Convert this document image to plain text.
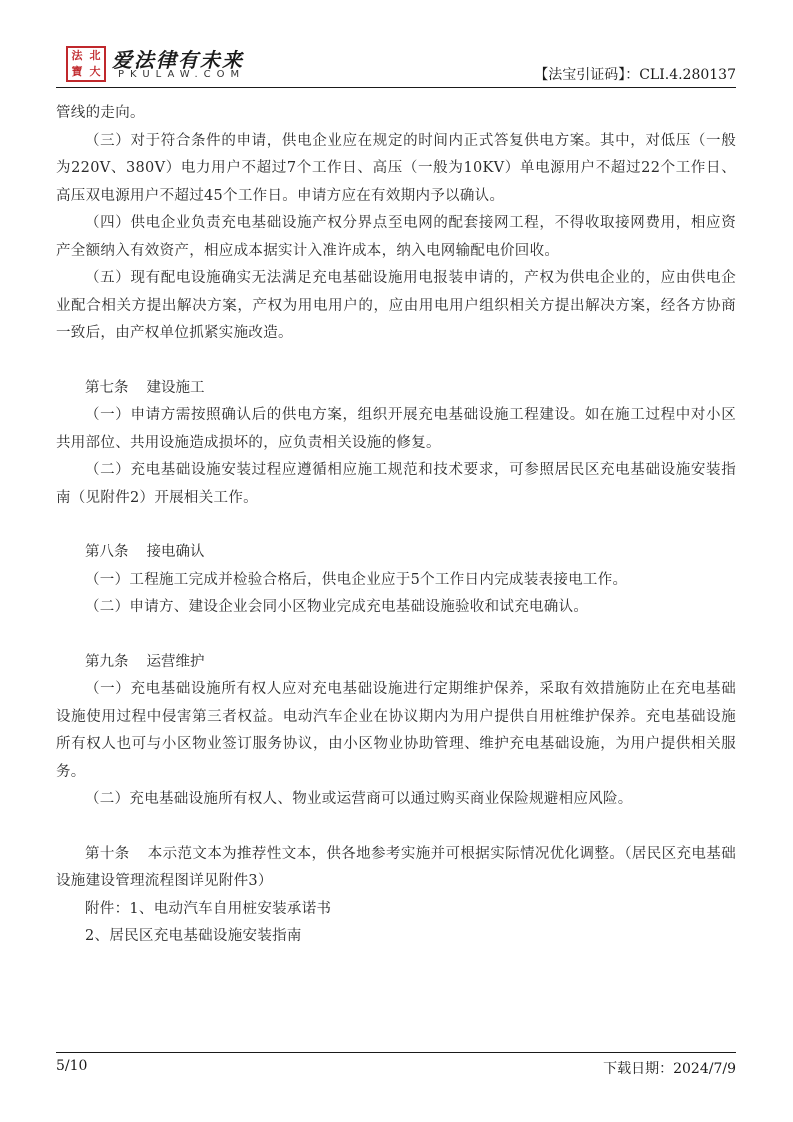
法 北
寶 大 爱法律有未来
PKULAW.COM	【法宝引证码】：CLI.4.280137

管线的走向。

（三）对于符合条件的申请，供电企业应在规定的时间内正式答复供电方案。其中，对低压（一般为220V、380V）电力用户不超过7个工作日、高压（一般为10KV）单电源用户不超过22个工作日、高压双电源用户不超过45个工作日。申请方应在有效期内予以确认。

（四）供电企业负责充电基础设施产权分界点至电网的配套接网工程，不得收取接网费用，相应资产全额纳入有效资产，相应成本据实计入准许成本，纳入电网输配电价回收。

（五）现有配电设施确实无法满足充电基础设施用电报装申请的，产权为供电企业的，应由供电企业配合相关方提出解决方案，产权为用电用户的，应由用电用户组织相关方提出解决方案，经各方协商一致后，由产权单位抓紧实施改造。

第七条 建设施工

（一）申请方需按照确认后的供电方案，组织开展充电基础设施工程建设。如在施工过程中对小区共用部位、共用设施造成损坏的，应负责相关设施的修复。

（二）充电基础设施安装过程应遵循相应施工规范和技术要求，可参照居民区充电基础设施安装指南（见附件2）开展相关工作。

第八条 接电确认

（一）工程施工完成并检验合格后，供电企业应于5个工作日内完成装表接电工作。

（二）申请方、建设企业会同小区物业完成充电基础设施验收和试充电确认。

第九条 运营维护

（一）充电基础设施所有权人应对充电基础设施进行定期维护保养，采取有效措施防止在充电基础设施使用过程中侵害第三者权益。电动汽车企业在协议期内为用户提供自用桩维护保养。充电基础设施所有权人也可与小区物业签订服务协议，由小区物业协助管理、维护充电基础设施，为用户提供相关服务。

（二）充电基础设施所有权人、物业或运营商可以通过购买商业保险规避相应风险。

第十条 本示范文本为推荐性文本，供各地参考实施并可根据实际情况优化调整。（居民区充电基础设施建设管理流程图详见附件3）

附件：1、电动汽车自用桩安装承诺书

2、居民区充电基础设施安装指南

5/10	下载日期：2024/7/9
